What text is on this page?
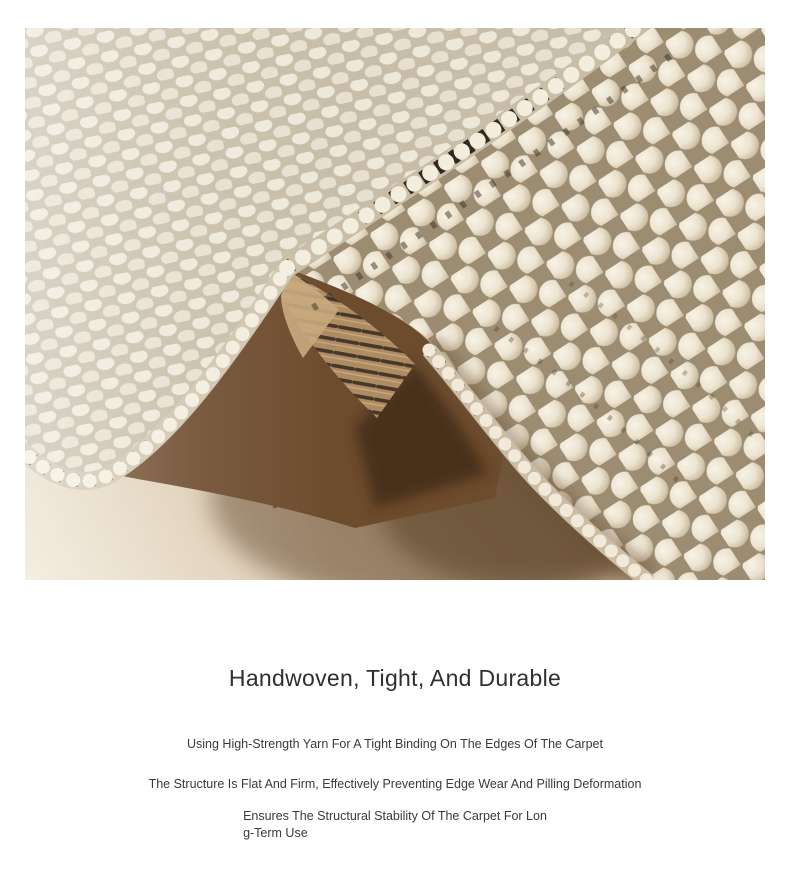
Handwoven, Tight, And Durable

Using High-Strength Yarn For A Tight Binding On The Edges Of The Carpet

The Structure Is Flat And Firm, Effectively Preventing Edge Wear And Pilling Deformation

Ensures The Structural Stability Of The Carpet For Lon

g-Term Use
